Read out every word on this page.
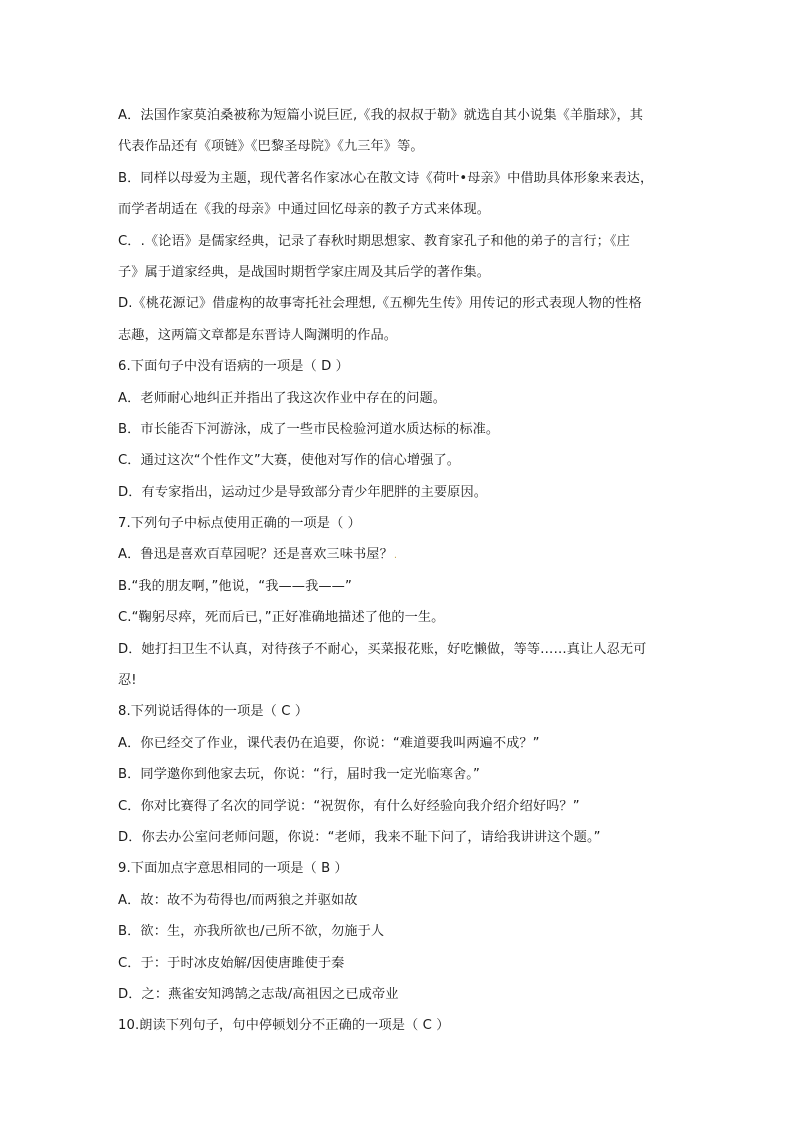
A．法国作家莫泊桑被称为短篇小说巨匠,《我的叔叔于勒》就选自其小说集《羊脂球》，其
代表作品还有《项链》《巴黎圣母院》《九三年》等。
B．同样以母爱为主题，现代著名作家冰心在散文诗《荷叶•母亲》中借助具体形象来表达，
而学者胡适在《我的母亲》中通过回忆母亲的教子方式来体现。
C．.《论语》是儒家经典，记录了春秋时期思想家、教育家孔子和他的弟子的言行；《庄
子》属于道家经典，是战国时期哲学家庄周及其后学的著作集。
D.《桃花源记》借虚构的故事寄托社会理想,《五柳先生传》用传记的形式表现人物的性格
志趣，这两篇文章都是东晋诗人陶渊明的作品。
6.下面句子中没有语病的一项是（ D ）
A．老师耐心地纠正并指出了我这次作业中存在的问题。
B．市长能否下河游泳，成了一些市民检验河道水质达标的标准。
C．通过这次“个性作文”大赛，使他对写作的信心增强了。
D．有专家指出，运动过少是导致部分青少年肥胖的主要原因。
7.下列句子中标点使用正确的一项是（ ）
A．鲁迅是喜欢百草园呢？还是喜欢三味书屋？.
B.“我的朋友啊，”他说，“我——我——”
C.“鞠躬尽瘁，死而后已，”正好准确地描述了他的一生。
D．她打扫卫生不认真，对待孩子不耐心，买菜报花账，好吃懒做，等等……真让人忍无可
忍!
8.下列说话得体的一项是（ C ）
A．你已经交了作业，课代表仍在追要，你说：“难道要我叫两遍不成？”
B．同学邀你到他家去玩，你说：“行，届时我一定光临寒舍。”
C．你对比赛得了名次的同学说：“祝贺你，有什么好经验向我介绍介绍好吗？”
D．你去办公室问老师问题，你说：“老师，我来不耻下问了，请给我讲讲这个题。”
9.下面加点字意思相同的一项是（ B ）
A．故：故不为苟得也/而两狼之并驱如故
B．欲：生，亦我所欲也/己所不欲，勿施于人
C．于：于时冰皮始解/因使唐雎使于秦
D．之：燕雀安知鸿鹄之志哉/高祖因之已成帝业
10.朗读下列句子，句中停顿划分不正确的一项是（ C ）
